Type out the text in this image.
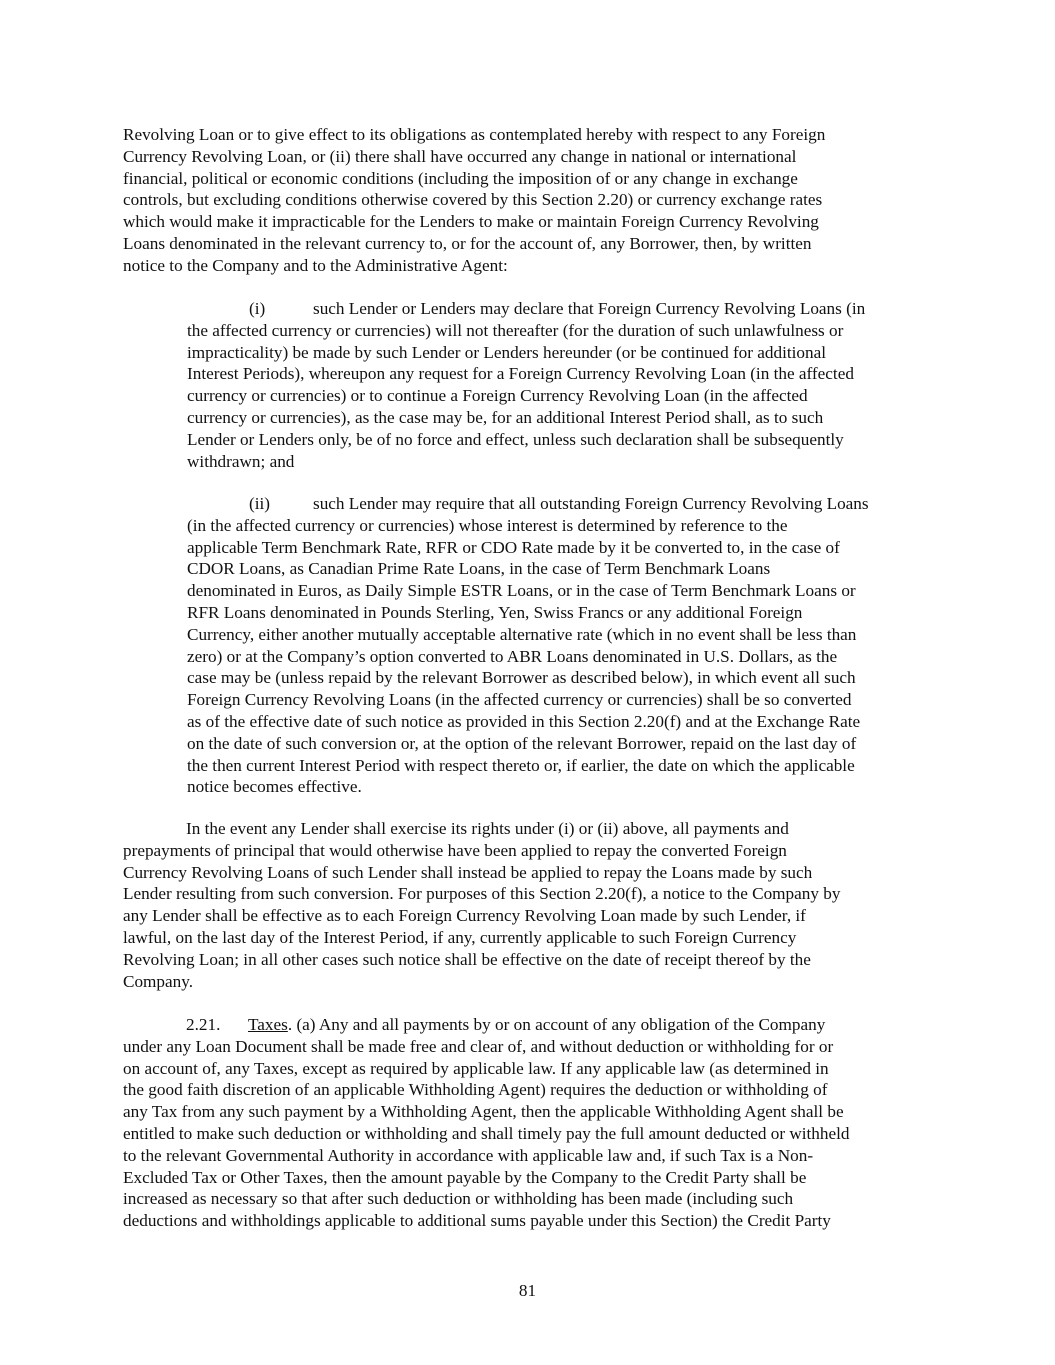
Revolving Loan or to give effect to its obligations as contemplated hereby with respect to any Foreign
Currency Revolving Loan, or (ii) there shall have occurred any change in national or international
financial, political or economic conditions (including the imposition of or any change in exchange
controls, but excluding conditions otherwise covered by this Section 2.20) or currency exchange rates
which would make it impracticable for the Lenders to make or maintain Foreign Currency Revolving
Loans denominated in the relevant currency to, or for the account of, any Borrower, then, by written
notice to the Company and to the Administrative Agent:
(i)	such Lender or Lenders may declare that Foreign Currency Revolving Loans (in
the affected currency or currencies) will not thereafter (for the duration of such unlawfulness or
impracticality) be made by such Lender or Lenders hereunder (or be continued for additional
Interest Periods), whereupon any request for a Foreign Currency Revolving Loan (in the affected
currency or currencies) or to continue a Foreign Currency Revolving Loan (in the affected
currency or currencies), as the case may be, for an additional Interest Period shall, as to such
Lender or Lenders only, be of no force and effect, unless such declaration shall be subsequently
withdrawn; and
(ii)	such Lender may require that all outstanding Foreign Currency Revolving Loans
(in the affected currency or currencies) whose interest is determined by reference to the
applicable Term Benchmark Rate, RFR or CDO Rate made by it be converted to, in the case of
CDOR Loans, as Canadian Prime Rate Loans, in the case of Term Benchmark Loans
denominated in Euros, as Daily Simple ESTR Loans, or in the case of Term Benchmark Loans or
RFR Loans denominated in Pounds Sterling, Yen, Swiss Francs or any additional Foreign
Currency, either another mutually acceptable alternative rate (which in no event shall be less than
zero) or at the Company’s option converted to ABR Loans denominated in U.S. Dollars, as the
case may be (unless repaid by the relevant Borrower as described below), in which event all such
Foreign Currency Revolving Loans (in the affected currency or currencies) shall be so converted
as of the effective date of such notice as provided in this Section 2.20(f) and at the Exchange Rate
on the date of such conversion or, at the option of the relevant Borrower, repaid on the last day of
the then current Interest Period with respect thereto or, if earlier, the date on which the applicable
notice becomes effective.
In the event any Lender shall exercise its rights under (i) or (ii) above, all payments and
prepayments of principal that would otherwise have been applied to repay the converted Foreign
Currency Revolving Loans of such Lender shall instead be applied to repay the Loans made by such
Lender resulting from such conversion. For purposes of this Section 2.20(f), a notice to the Company by
any Lender shall be effective as to each Foreign Currency Revolving Loan made by such Lender, if
lawful, on the last day of the Interest Period, if any, currently applicable to such Foreign Currency
Revolving Loan; in all other cases such notice shall be effective on the date of receipt thereof by the
Company.
2.21. Taxes. (a) Any and all payments by or on account of any obligation of the Company
under any Loan Document shall be made free and clear of, and without deduction or withholding for or
on account of, any Taxes, except as required by applicable law. If any applicable law (as determined in
the good faith discretion of an applicable Withholding Agent) requires the deduction or withholding of
any Tax from any such payment by a Withholding Agent, then the applicable Withholding Agent shall be
entitled to make such deduction or withholding and shall timely pay the full amount deducted or withheld
to the relevant Governmental Authority in accordance with applicable law and, if such Tax is a Non-
Excluded Tax or Other Taxes, then the amount payable by the Company to the Credit Party shall be
increased as necessary so that after such deduction or withholding has been made (including such
deductions and withholdings applicable to additional sums payable under this Section) the Credit Party
81
